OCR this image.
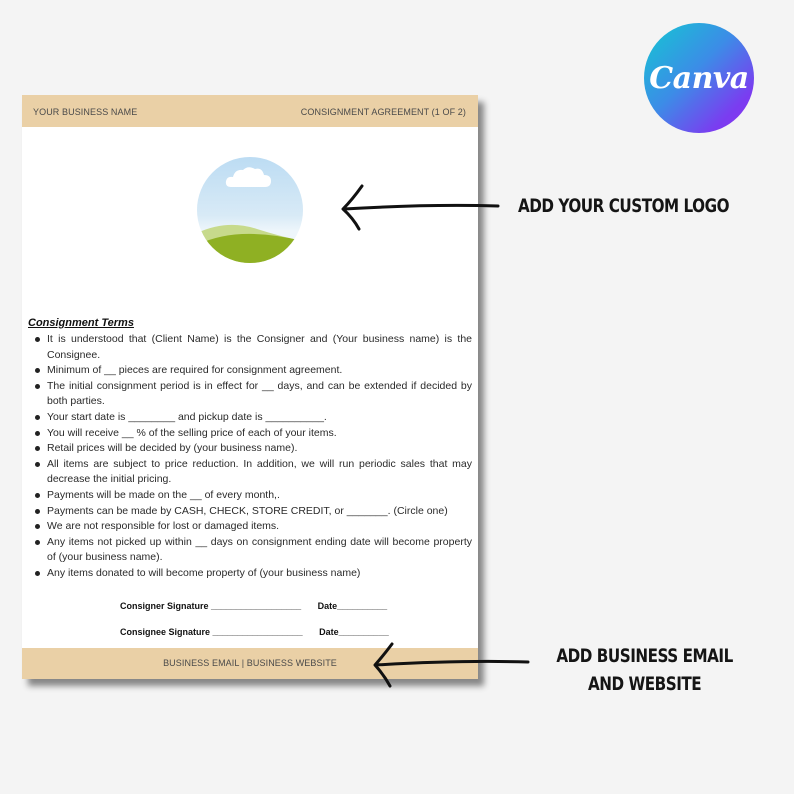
Canva
YOUR BUSINESS NAME	CONSIGNMENT AGREEMENT (1 OF 2)
Consignment Terms
It is understood that (Client Name) is the Consigner and (Your business name) is the Consignee.
Minimum of __ pieces are required for consignment agreement.
The initial consignment period is in effect for __ days, and can be extended if decided by both parties.
Your start date is ________ and pickup date is __________.
You will receive __ % of the selling price of each of your items.
Retail prices will be decided by (your business name).
All items are subject to price reduction. In addition, we will run periodic sales that may decrease the initial pricing.
Payments will be made on the __ of every month,.
Payments can be made by CASH, CHECK, STORE CREDIT, or _______. (Circle one)
We are not responsible for lost or damaged items.
Any items not picked up within __ days on consignment ending date will become property of (your business name).
Any items donated to will become property of (your business name)
Consigner Signature __________________ Date__________
Consignee Signature __________________ Date__________
BUSINESS EMAIL | BUSINESS WEBSITE
ADD YOUR CUSTOM LOGO
ADD BUSINESS EMAIL
AND WEBSITE
